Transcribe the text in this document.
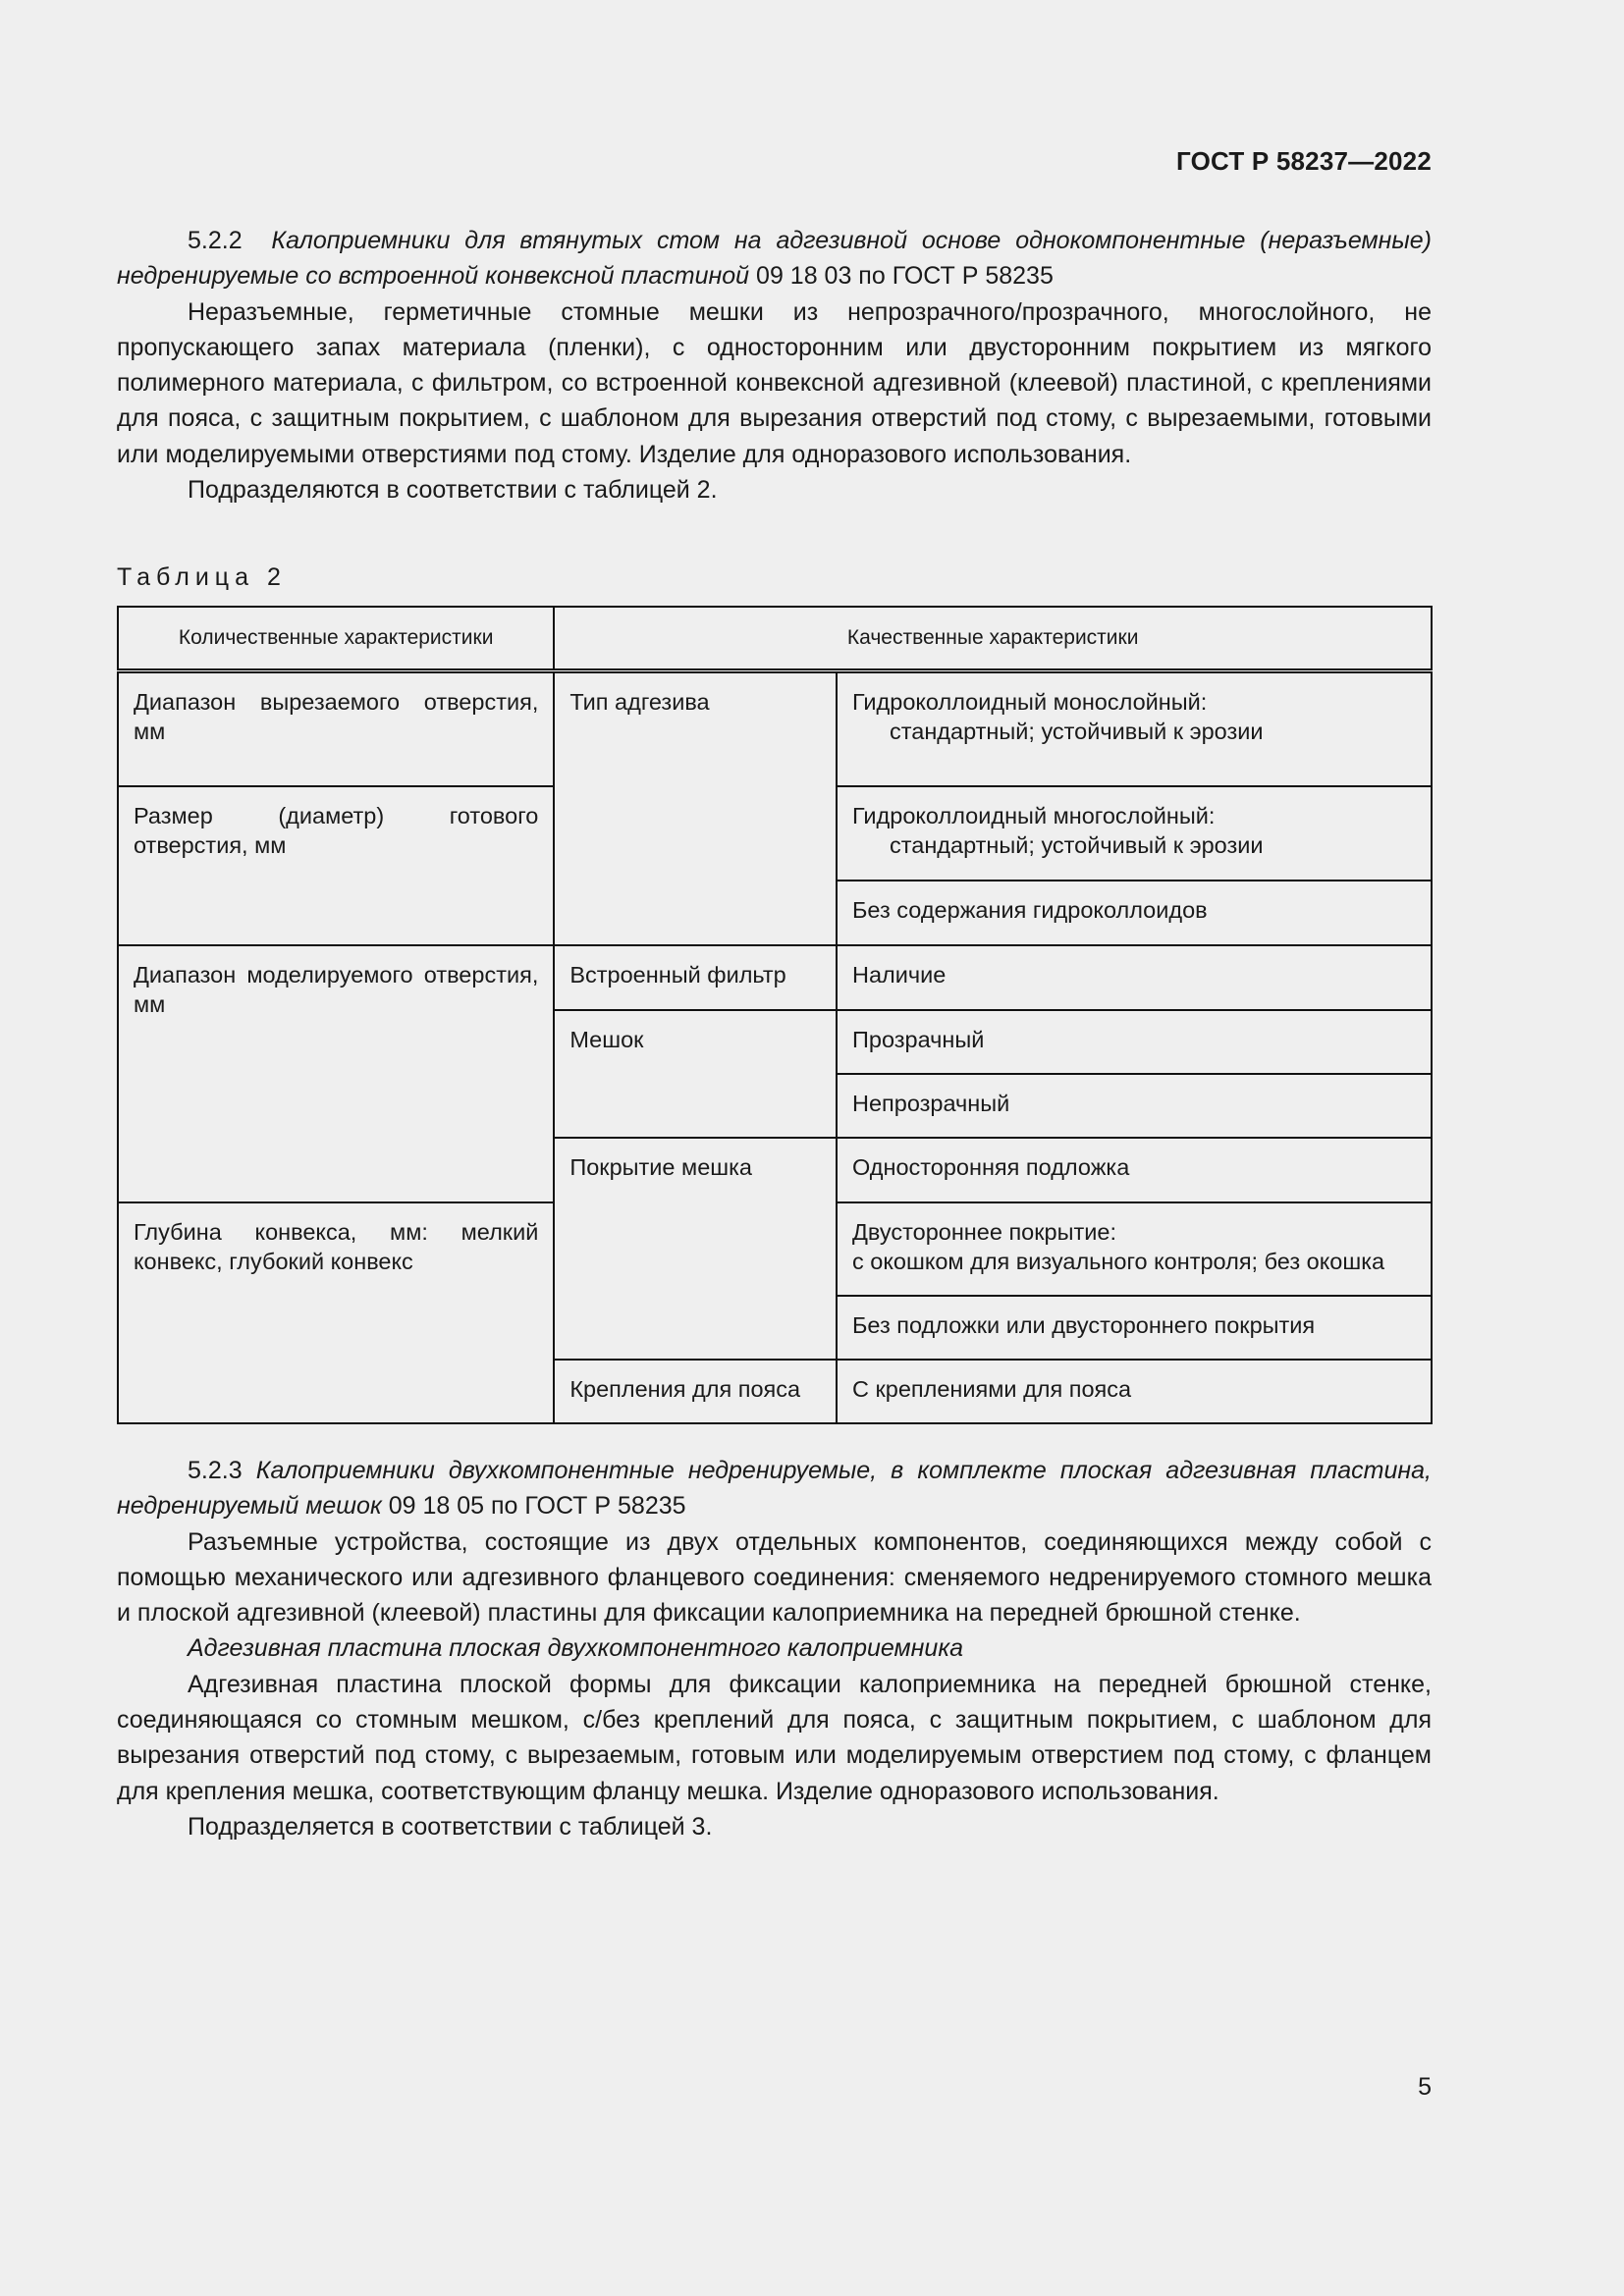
ГОСТ Р 58237—2022

5.2.2 Калоприемники для втянутых стом на адгезивной основе однокомпонентные (неразъемные) недренируемые со встроенной конвексной пластиной 09 18 03 по ГОСТ Р 58235

Неразъемные, герметичные стомные мешки из непрозрачного/прозрачного, многослойного, не пропускающего запах материала (пленки), с односторонним или двусторонним покрытием из мягкого полимерного материала, с фильтром, со встроенной конвексной адгезивной (клеевой) пластиной, с креплениями для пояса, с защитным покрытием, с шаблоном для вырезания отверстий под стому, с вырезаемыми, готовыми или моделируемыми отверстиями под стому. Изделие для одноразового использования.

Подразделяются в соответствии с таблицей 2.

Таблица 2
Количественные характеристики	Качественные характеристики	
Диапазон вырезаемого отверстия, мм	Тип адгезива	Гидроколлоидный монослойный:
стандартный; устойчивый к эрозии

Размер (диаметр) готового отверстия, мм		Гидроколлоидный многослойный:
стандартный; устойчивый к эрозии

		Без содержания гидроколлоидов
Диапазон моделируемого отверстия, мм	Встроенный фильтр	Наличие
	Мешок	Прозрачный
		Непрозрачный
	Покрытие мешка	Односторонняя подложка
Глубина конвекса, мм: мелкий конвекс, глубокий конвекс		Двустороннее покрытие:
с окошком для визуального контроля; без окошка

		Без подложки или двустороннего покрытия
	Крепления для пояса	С креплениями для пояса

5.2.3 Калоприемники двухкомпонентные недренируемые, в комплекте плоская адгезивная пластина, недренируемый мешок 09 18 05 по ГОСТ Р 58235

Разъемные устройства, состоящие из двух отдельных компонентов, соединяющихся между собой с помощью механического или адгезивного фланцевого соединения: сменяемого недренируемого стомного мешка и плоской адгезивной (клеевой) пластины для фиксации калоприемника на передней брюшной стенке.

Адгезивная пластина плоская двухкомпонентного калоприемника

Адгезивная пластина плоской формы для фиксации калоприемника на передней брюшной стенке, соединяющаяся со стомным мешком, с/без креплений для пояса, с защитным покрытием, с шаблоном для вырезания отверстий под стому, с вырезаемым, готовым или моделируемым отверстием под стому, с фланцем для крепления мешка, соответствующим фланцу мешка. Изделие одноразового использования.

Подразделяется в соответствии с таблицей 3.

5
